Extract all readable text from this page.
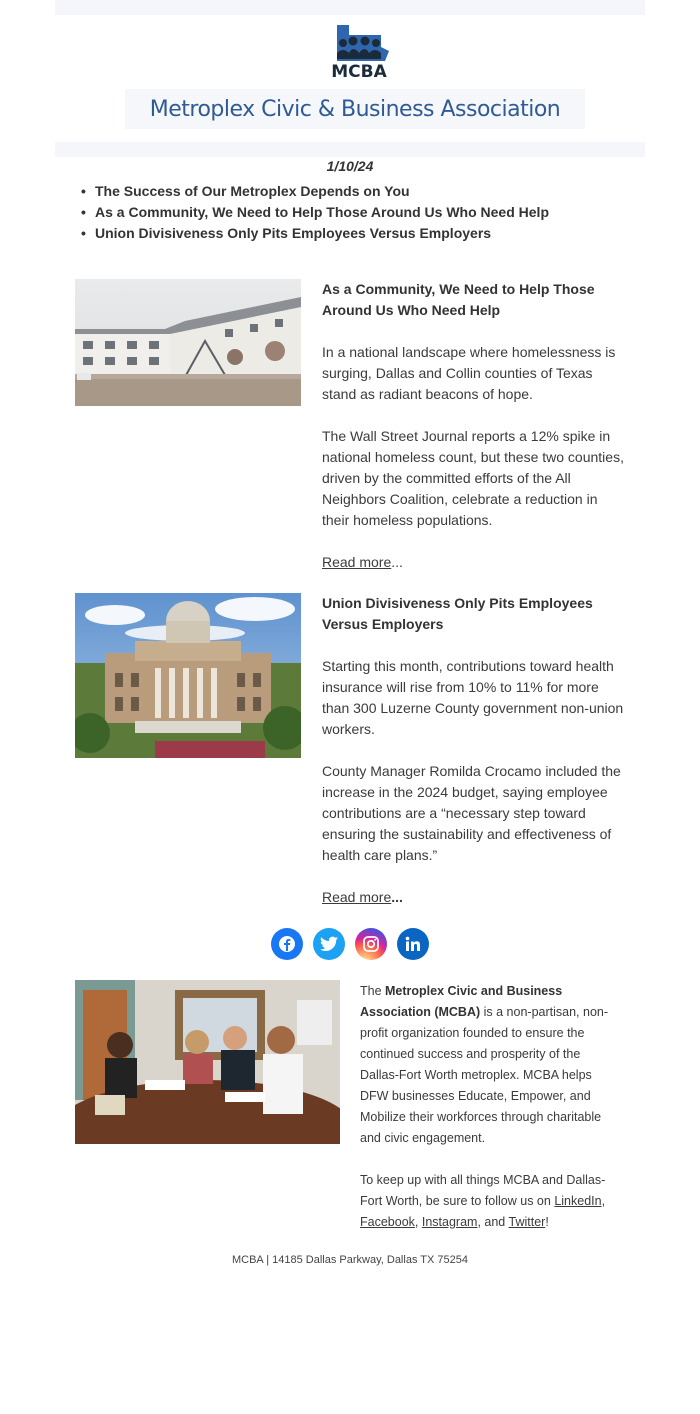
MCBA
Metroplex Civic & Business Association
1/10/24
• The Success of Our Metroplex Depends on You
• As a Community, We Need to Help Those Around Us Who Need Help
• Union Divisiveness Only Pits Employees Versus Employers
As a Community, We Need to Help Those Around Us Who Need Help

In a national landscape where homelessness is surging, Dallas and Collin counties of Texas stand as radiant beacons of hope.

The Wall Street Journal reports a 12% spike in national homeless count, but these two counties, driven by the committed efforts of the All Neighbors Coalition, celebrate a reduction in their homeless populations.

Read more...

Union Divisiveness Only Pits Employees Versus Employers

Starting this month, contributions toward health insurance will rise from 10% to 11% for more than 300 Luzerne County government non-union workers.

County Manager Romilda Crocamo included the increase in the 2024 budget, saying employee contributions are a “necessary step toward ensuring the sustainability and effectiveness of health care plans.”

Read more...

The Metroplex Civic and Business Association (MCBA) is a non-partisan, non-profit organization founded to ensure the continued success and prosperity of the Dallas-Fort Worth metroplex. MCBA helps DFW businesses Educate, Empower, and Mobilize their workforces through charitable and civic engagement.

To keep up with all things MCBA and Dallas-Fort Worth, be sure to follow us on LinkedIn, Facebook, Instagram, and Twitter!

MCBA | 14185 Dallas Parkway, Dallas TX 75254
